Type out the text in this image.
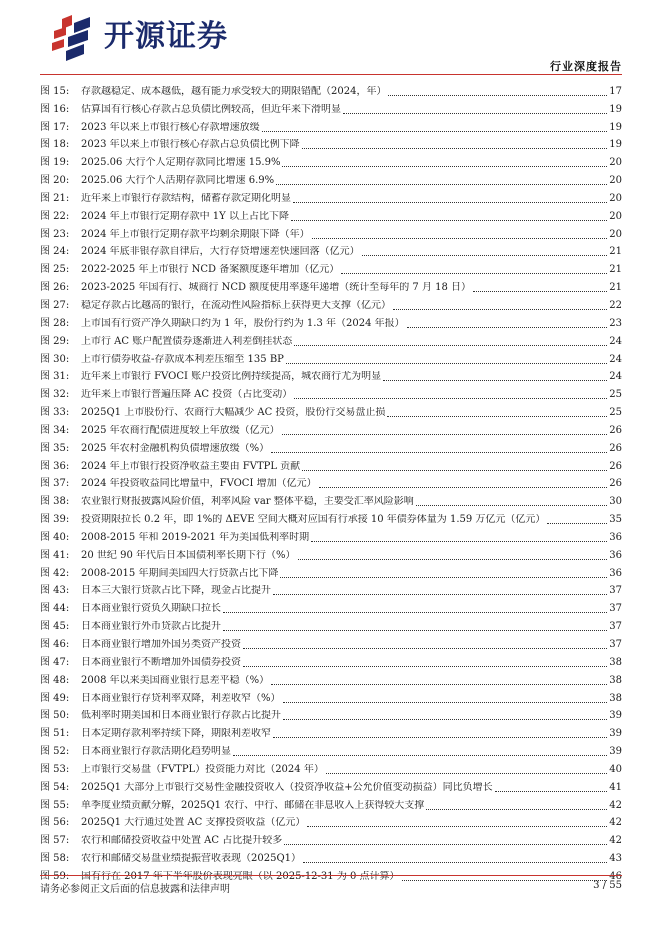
开源证券
行业深度报告
图 15:	存款越稳定、成本越低，越有能力承受较大的期限错配（2024，年）	17
图 16:	估算国有行核心存款占总负债比例较高，但近年来下滑明显	19
图 17:	2023 年以来上市银行核心存款增速放缓	19
图 18:	2023 年以来上市银行核心存款占总负债比例下降	19
图 19:	2025.06 大行个人定期存款同比增速 15.9%	20
图 20:	2025.06 大行个人活期存款同比增速 6.9%	20
图 21:	近年来上市银行存款结构，储蓄存款定期化明显	20
图 22:	2024 年上市银行定期存款中 1Y 以上占比下降	20
图 23:	2024 年上市银行定期存款平均剩余期限下降（年）	20
图 24:	2024 年底非银存款自律后，大行存贷增速差快速回落（亿元）	21
图 25:	2022-2025 年上市银行 NCD 备案额度逐年增加（亿元）	21
图 26:	2023-2025 年国有行、城商行 NCD 额度使用率逐年递增（统计至每年的 7 月 18 日）	21
图 27:	稳定存款占比越高的银行，在流动性风险指标上获得更大支撑（亿元）	22
图 28:	上市国有行资产净久期缺口约为 1 年，股份行约为 1.3 年（2024 年报）	23
图 29:	上市行 AC 账户配置债券逐渐进入利差倒挂状态	24
图 30:	上市行债券收益-存款成本利差压缩至 135 BP	24
图 31:	近年来上市银行 FVOCI 账户投资比例持续提高，城农商行尤为明显	24
图 32:	近年来上市银行普遍压降 AC 投资（占比变动）	25
图 33:	2025Q1 上市股份行、农商行大幅减少 AC 投资，股份行交易盘止损	25
图 34:	2025 年农商行配债进度较上年放缓（亿元）	26
图 35:	2025 年农村金融机构负债增速放缓（%）	26
图 36:	2024 年上市银行投资净收益主要由 FVTPL 贡献	26
图 37:	2024 年投资收益同比增量中，FVOCI 增加（亿元）	26
图 38:	农业银行财报披露风险价值，利率风险 var 整体平稳，主要受汇率风险影响	30
图 39:	投资期限拉长 0.2 年，即 1%的 ΔEVE 空间大概对应国有行承接 10 年债券体量为 1.59 万亿元（亿元）	35
图 40:	2008-2015 年和 2019-2021 年为美国低利率时期	36
图 41:	20 世纪 90 年代后日本国债利率长期下行（%）	36
图 42:	2008-2015 年期间美国四大行贷款占比下降	36
图 43:	日本三大银行贷款占比下降，现金占比提升	37
图 44:	日本商业银行资负久期缺口拉长	37
图 45:	日本商业银行外币贷款占比提升	37
图 46:	日本商业银行增加外国另类资产投资	37
图 47:	日本商业银行不断增加外国债券投资	38
图 48:	2008 年以来美国商业银行息差平稳（%）	38
图 49:	日本商业银行存贷利率双降，利差收窄（%）	38
图 50:	低利率时期美国和日本商业银行存款占比提升	39
图 51:	日本定期存款利率持续下降，期限利差收窄	39
图 52:	日本商业银行存款活期化趋势明显	39
图 53:	上市银行交易盘（FVTPL）投资能力对比（2024 年）	40
图 54:	2025Q1 大部分上市银行交易性金融投资收入（投资净收益+公允价值变动损益）同比负增长	41
图 55:	单季度业绩贡献分解，2025Q1 农行、中行、邮储在非息收入上获得较大支撑	42
图 56:	2025Q1 大行通过处置 AC 支撑投资收益（亿元）	42
图 57:	农行和邮储投资收益中处置 AC 占比提升较多	42
图 58:	农行和邮储交易盘业绩提振营收表现（2025Q1）	43
图 59:	国有行在 2017 年下半年股价表现亮眼（以 2025-12-31 为 0 点计算）	46
请务必参阅正文后面的信息披露和法律声明	3 / 55
